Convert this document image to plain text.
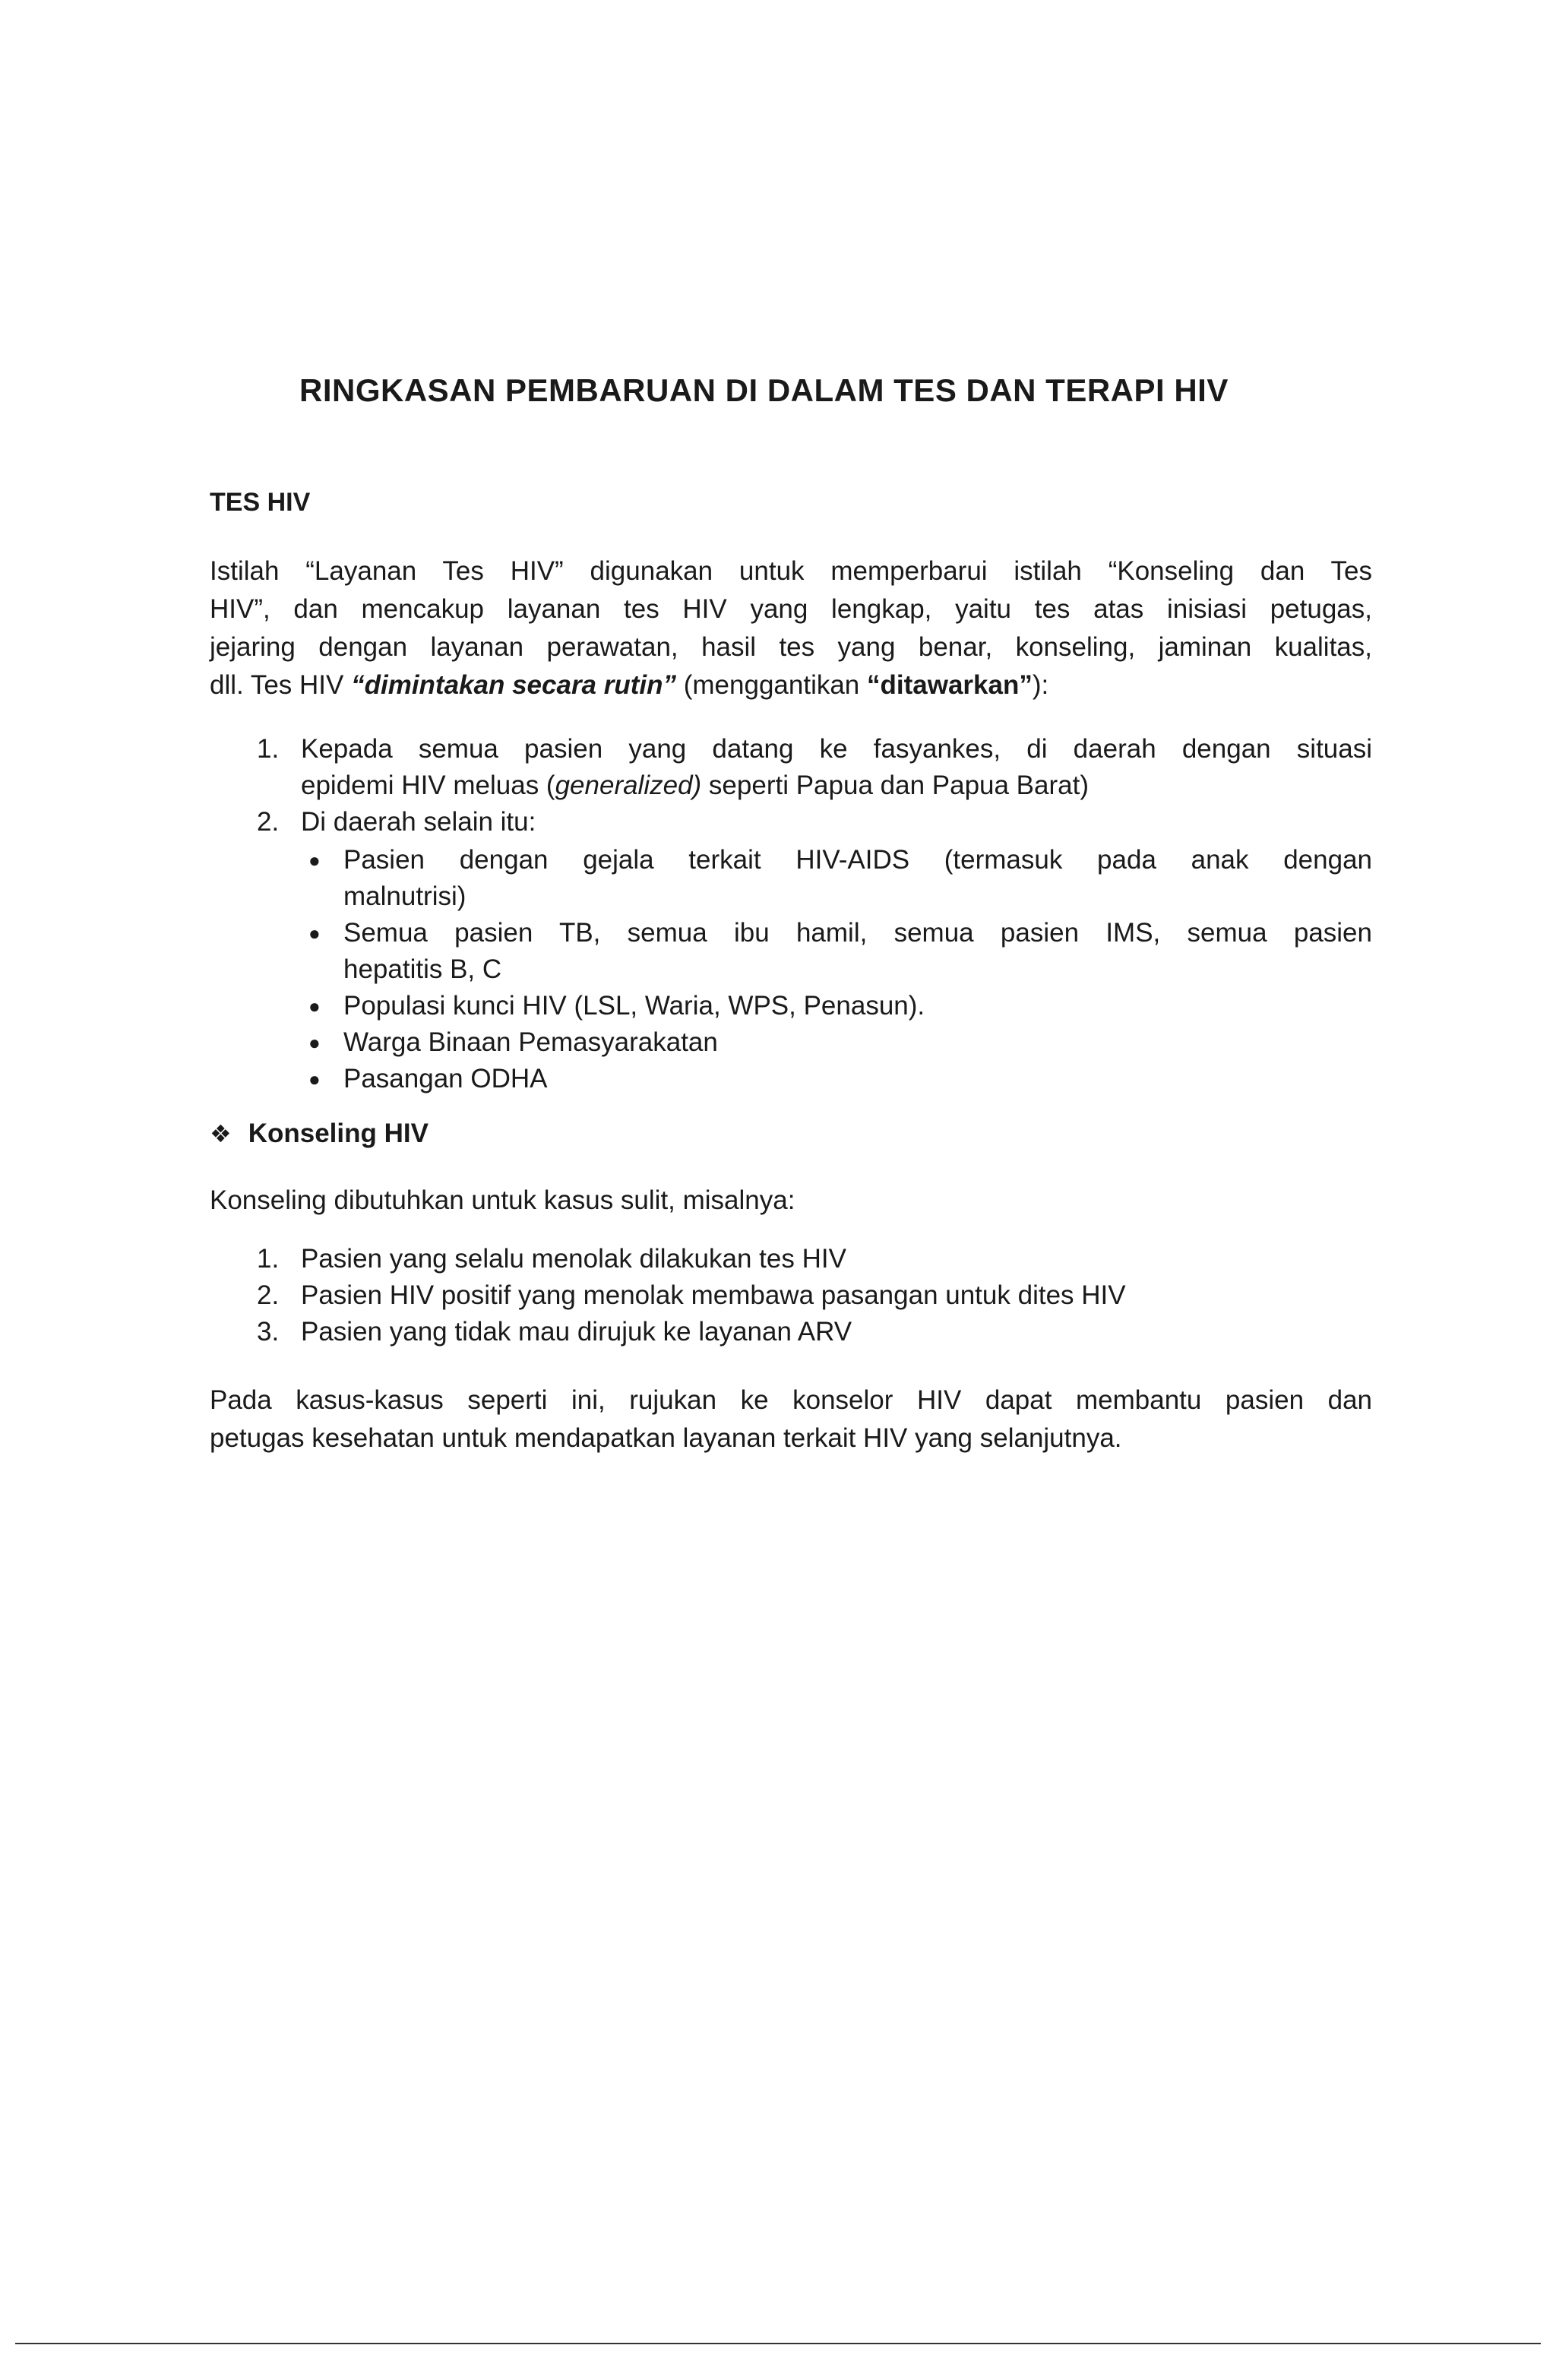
RINGKASAN PEMBARUAN DI DALAM TES DAN TERAPI HIV
TES HIV
Istilah “Layanan Tes HIV” digunakan untuk memperbarui istilah “Konseling dan Tes
HIV”, dan mencakup layanan tes HIV yang lengkap, yaitu tes atas inisiasi petugas,
jejaring dengan layanan perawatan, hasil tes yang benar, konseling, jaminan kualitas,
dll. Tes HIV “dimintakan secara rutin” (menggantikan “ditawarkan”):
1. Kepada semua pasien yang datang ke fasyankes, di daerah dengan situasi
epidemi HIV meluas (generalized) seperti Papua dan Papua Barat)
2. Di daerah selain itu:
● Pasien dengan gejala terkait HIV-AIDS (termasuk pada anak dengan
malnutrisi)
● Semua pasien TB, semua ibu hamil, semua pasien IMS, semua pasien
hepatitis B, C
● Populasi kunci HIV (LSL, Waria, WPS, Penasun).
● Warga Binaan Pemasyarakatan
● Pasangan ODHA
❖ Konseling HIV
Konseling dibutuhkan untuk kasus sulit, misalnya:
1. Pasien yang selalu menolak dilakukan tes HIV
2. Pasien HIV positif yang menolak membawa pasangan untuk dites HIV
3. Pasien yang tidak mau dirujuk ke layanan ARV
Pada kasus-kasus seperti ini, rujukan ke konselor HIV dapat membantu pasien dan
petugas kesehatan untuk mendapatkan layanan terkait HIV yang selanjutnya.
